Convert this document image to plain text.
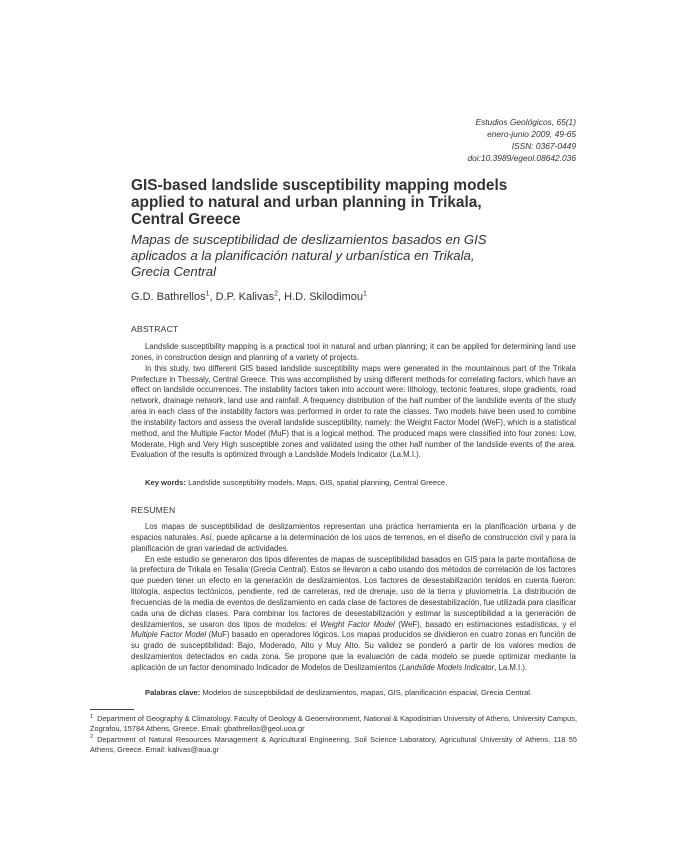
Estudios Geológicos, 65(1)
enero-junio 2009, 49-65
ISSN: 0367-0449
doi:10.3989/egeol.08642.036
GIS-based landslide susceptibility mapping models
applied to natural and urban planning in Trikala,
Central Greece
Mapas de susceptibilidad de deslizamientos basados en GIS
aplicados a la planificación natural y urbanística en Trikala,
Grecia Central
G.D. Bathrellos$^1$, D.P. Kalivas$^2$, H.D. Skilodimou$^1$
ABSTRACT

Landslide susceptibility mapping is a practical tool in natural and urban planning; it can be applied for determining land use zones, in construction design and planning of a variety of projects.

In this study, two different GIS based landslide susceptibility maps were generated in the mountainous part of the Trikala Prefecture in Thessaly, Central Greece. This was accomplished by using different methods for correlating factors, which have an effect on landslide occurrences. The instability factors taken into account were: lithology, tectonic features, slope gradients, road network, drainage network, land use and rainfall. A frequency distribution of the half number of the landslide events of the study area in each class of the instability factors was performed in order to rate the classes. Two models have been used to combine the instability factors and assess the overall landslide susceptibility, namely: the Weight Factor Model (WeF), which is a statistical method, and the Multiple Factor Model (MuF) that is a logical method. The produced maps were classified into four zones: Low, Moderate, High and Very High susceptible zones and validated using the other half number of the landslide events of the area. Evaluation of the results is optimized through a Landslide Models Indicator (La.M.I.).

Key words: Landslide susceptibility models, Maps, GIS, spatial planning, Central Greece.
RESUMEN

Los mapas de susceptibilidad de deslizamientos representan una práctica herramienta en la planificación urbana y de espacios naturales. Así, puede aplicarse a la determinación de los usos de terrenos, en el diseño de construcción civil y para la planificación de gran variedad de actividades.

En este estudio se generaron dos tipos diferentes de mapas de susceptibilidad basados en GIS para la parte montañosa de la prefectura de Trikala en Tesalia (Grecia Central). Estos se llevaron a cabo usando dos métodos de correlación de los factores que pueden tener un efecto en la generación de deslizamientos. Los factores de desestabilización tenidos en cuenta fueron: litología, aspectos tectónicos, pendiente, red de carreteras, red de drenaje, uso de la tierra y pluviometría. La distribución de frecuencias de la media de eventos de deslizamiento en cada clase de factores de desestabilización, fue utilizada para clasificar cada una de dichas clases. Para combinar los factores de desestabilización y estimar la susceptibilidad a la generación de deslizamientos, se usaron dos tipos de modelos: el Weight Factor Model (WeF), basado en estimaciones estadísticas, y el Multiple Factor Model (MuF) basado en operadores lógicos. Los mapas producidos se dividieron en cuatro zonas en función de su grado de susceptibilidad: Bajo, Moderado, Alto y Muy Alto. Su validez se ponderó a partir de los valores medios de deslizamientos detectados en cada zona. Se propone que la evaluación de cada modelo se puede optimizar mediante la aplicación de un factor denominado Indicador de Modelos de Deslizamientos (Landslide Models Indicator, La.M.I.).

Palabras clave: Modelos de susceptibilidad de deslizamientos, mapas, GIS, planificación espacial, Grecia Central.

$^1$ Department of Geography & Climatology, Faculty of Geology & Geoenvironment, National & Kapodistrian University of Athens, University Campus, Zografou, 15784 Athens, Greece. Email: gbathrellos@geol.uoa.gr

$^2$ Department of Natural Resources Management & Agricultural Engineering, Soil Science Laboratory, Agricultural University of Athens, 118 55 Athens, Greece. Email: kalivas@aua.gr
